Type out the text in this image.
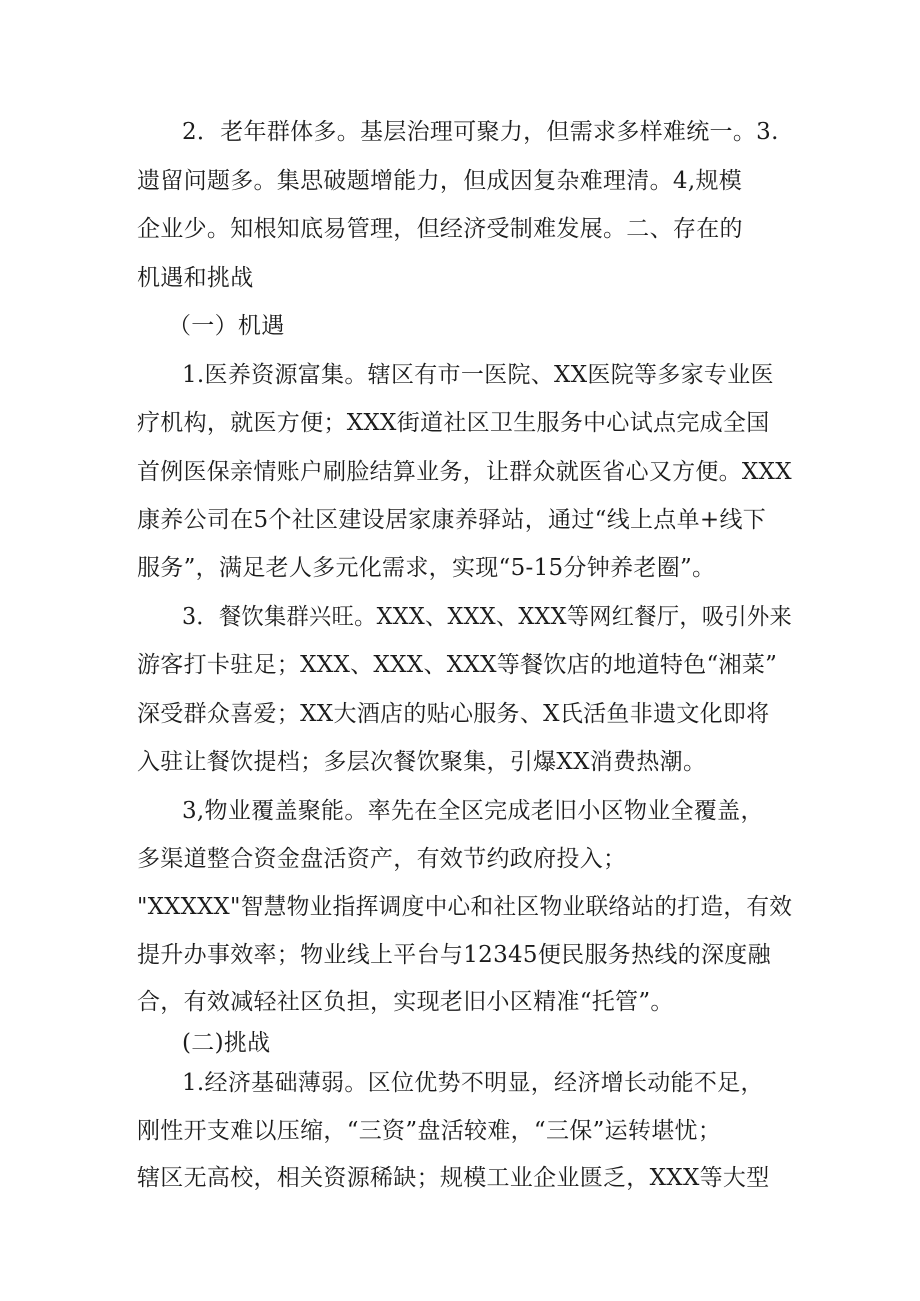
2．老年群体多。基层治理可聚力，但需求多样难统一。3.
遗留问题多。集思破题增能力，但成因复杂难理清。4,规模
企业少。知根知底易管理，但经济受制难发展。二、存在的
机遇和挑战
（一）机遇
1.医养资源富集。辖区有市一医院、XX医院等多家专业医
疗机构，就医方便；XXX街道社区卫生服务中心试点完成全国
首例医保亲情账户刷脸结算业务，让群众就医省心又方便。XXX
康养公司在5个社区建设居家康养驿站，通过“线上点单+线下
服务”，满足老人多元化需求，实现“5-15分钟养老圈”。
3．餐饮集群兴旺。XXX、XXX、XXX等网红餐厅，吸引外来
游客打卡驻足；XXX、XXX、XXX等餐饮店的地道特色“湘菜”
深受群众喜爱；XX大酒店的贴心服务、X氏活鱼非遗文化即将
入驻让餐饮提档；多层次餐饮聚集，引爆XX消费热潮。
3,物业覆盖聚能。率先在全区完成老旧小区物业全覆盖，
多渠道整合资金盘活资产，有效节约政府投入；
"XXXXX"智慧物业指挥调度中心和社区物业联络站的打造，有效
提升办事效率；物业线上平台与12345便民服务热线的深度融
合，有效减轻社区负担，实现老旧小区精准“托管”。
(二)挑战
1.经济基础薄弱。区位优势不明显，经济增长动能不足，
刚性开支难以压缩，“三资”盘活较难，“三保”运转堪忧；
辖区无高校，相关资源稀缺；规模工业企业匮乏，XXX等大型
